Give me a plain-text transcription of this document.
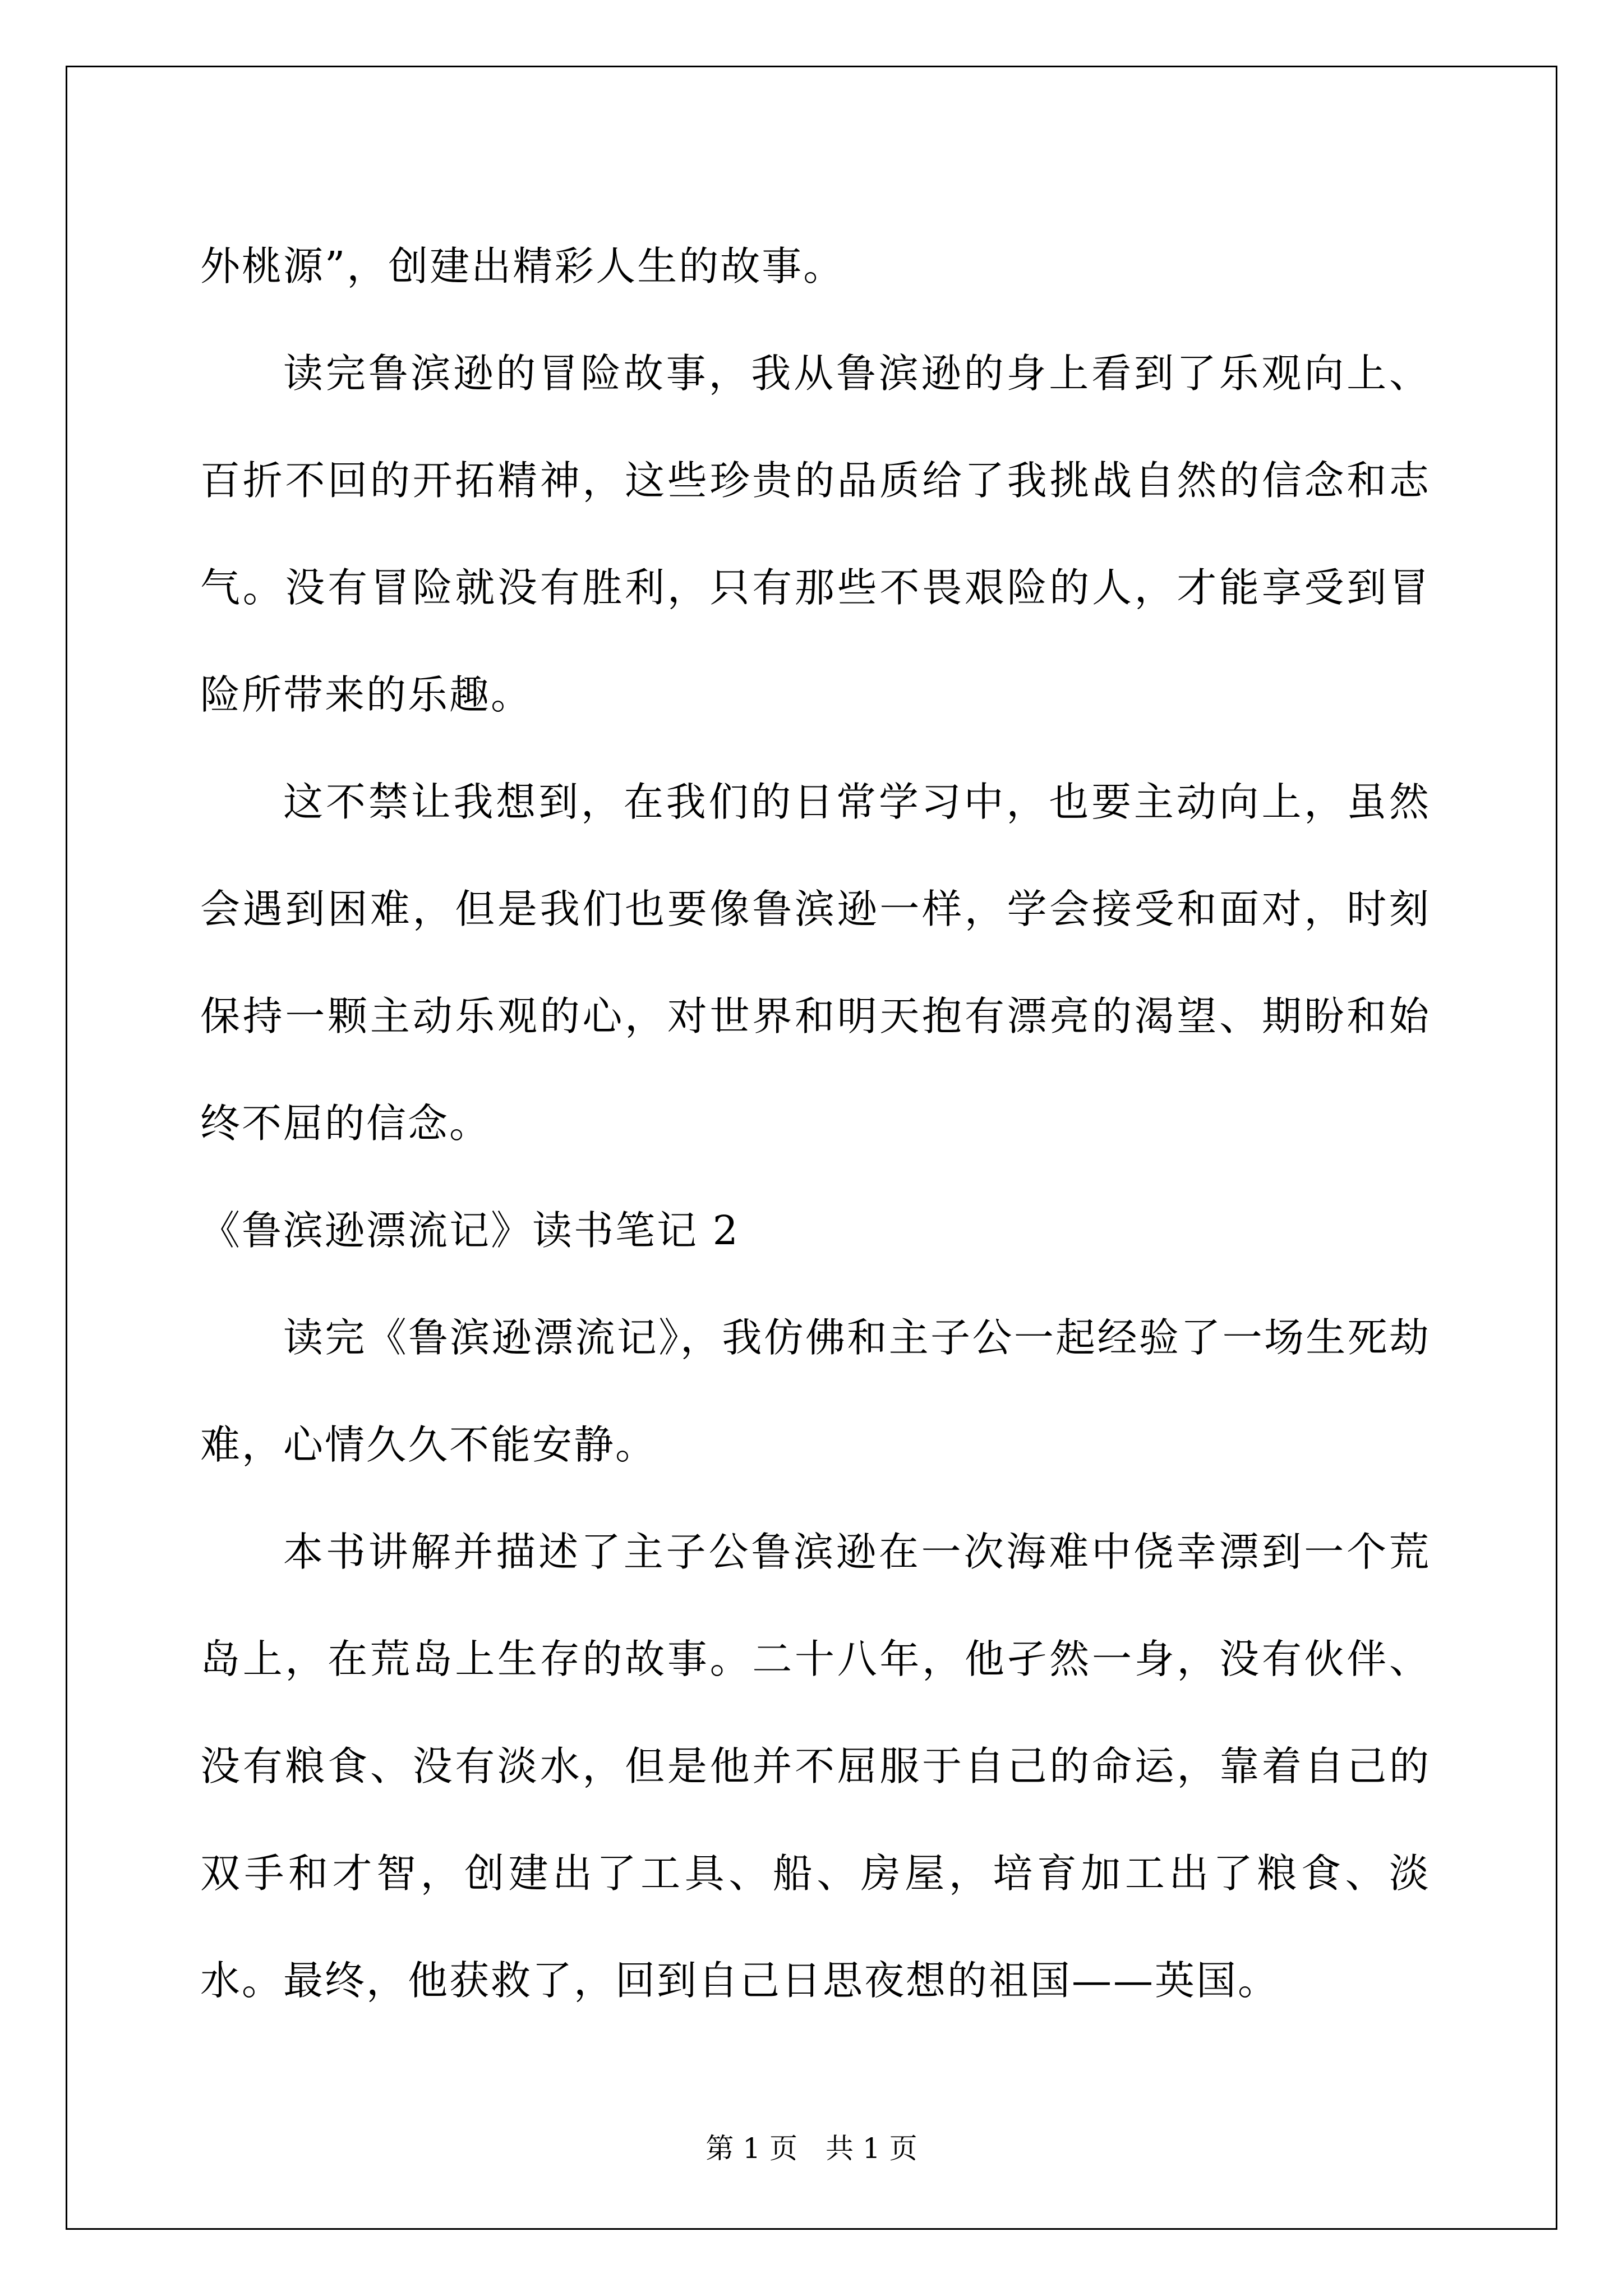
外桃源”，创建出精彩人生的故事。

读完鲁滨逊的冒险故事，我从鲁滨逊的身上看到了乐观向上、百折不回的开拓精神，这些珍贵的品质给了我挑战自然的信念和志气。没有冒险就没有胜利，只有那些不畏艰险的人，才能享受到冒险所带来的乐趣。

这不禁让我想到，在我们的日常学习中，也要主动向上，虽然会遇到困难，但是我们也要像鲁滨逊一样，学会接受和面对，时刻保持一颗主动乐观的心，对世界和明天抱有漂亮的渴望、期盼和始终不屈的信念。

《鲁滨逊漂流记》读书笔记 2

读完《鲁滨逊漂流记》，我仿佛和主子公一起经验了一场生死劫难，心情久久不能安静。

本书讲解并描述了主子公鲁滨逊在一次海难中侥幸漂到一个荒岛上，在荒岛上生存的故事。二十八年，他孑然一身，没有伙伴、没有粮食、没有淡水，但是他并不屈服于自己的命运，靠着自己的双手和才智，创建出了工具、船、房屋，培育加工出了粮食、淡水。最终，他获救了，回到自己日思夜想的祖国——英国。

第 1 页　共 1 页
